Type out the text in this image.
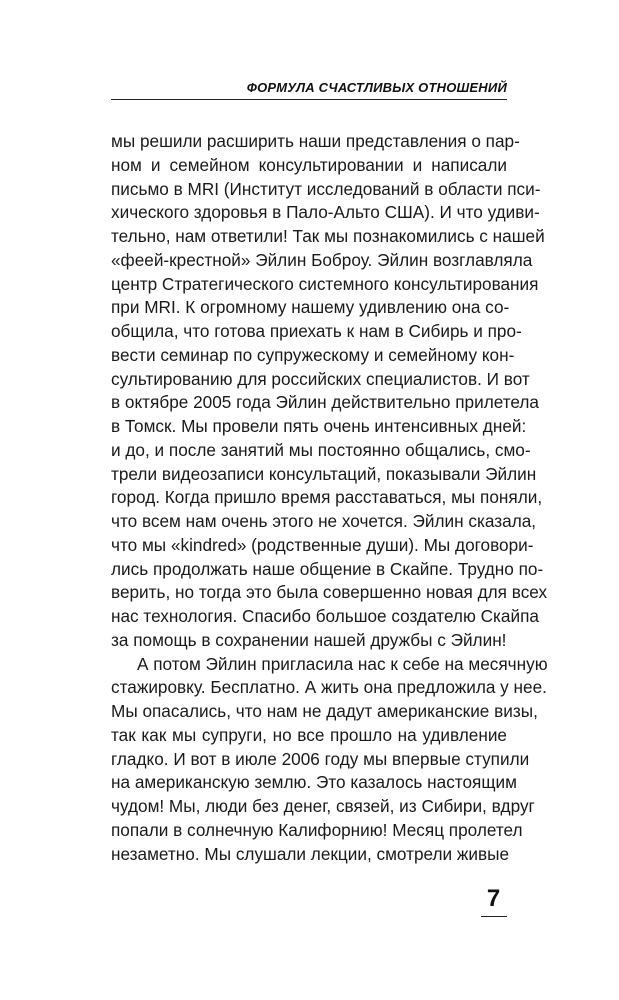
ФОРМУЛА СЧАСТЛИВЫХ ОТНОШЕНИЙ
мы решили расширить наши представления о пар-
ном и семейном консультировании и написали
письмо в MRI (Институт исследований в области пси-
хического здоровья в Пало-Альто США). И что удиви-
тельно, нам ответили! Так мы познакомились с нашей
«феей-крестной» Эйлин Боброу. Эйлин возглавляла
центр Стратегического системного консультирования
при MRI. К огромному нашему удивлению она со-
общила, что готова приехать к нам в Сибирь и про-
вести семинар по супружескому и семейному кон-
сультированию для российских специалистов. И вот
в октябре 2005 года Эйлин действительно прилетела
в Томск. Мы провели пять очень интенсивных дней:
и до, и после занятий мы постоянно общались, смо-
трели видеозаписи консультаций, показывали Эйлин
город. Когда пришло время расставаться, мы поняли,
что всем нам очень этого не хочется. Эйлин сказала,
что мы «kindred» (родственные души). Мы договори-
лись продолжать наше общение в Скайпе. Трудно по-
верить, но тогда это была совершенно новая для всех
нас технология. Спасибо большое создателю Скайпа
за помощь в сохранении нашей дружбы с Эйлин!
А потом Эйлин пригласила нас к себе на месячную
стажировку. Бесплатно. А жить она предложила у нее.
Мы опасались, что нам не дадут американские визы,
так как мы супруги, но все прошло на удивление
гладко. И вот в июле 2006 году мы впервые ступили
на американскую землю. Это казалось настоящим
чудом! Мы, люди без денег, связей, из Сибири, вдруг
попали в солнечную Калифорнию! Месяц пролетел
незаметно. Мы слушали лекции, смотрели живые
7
